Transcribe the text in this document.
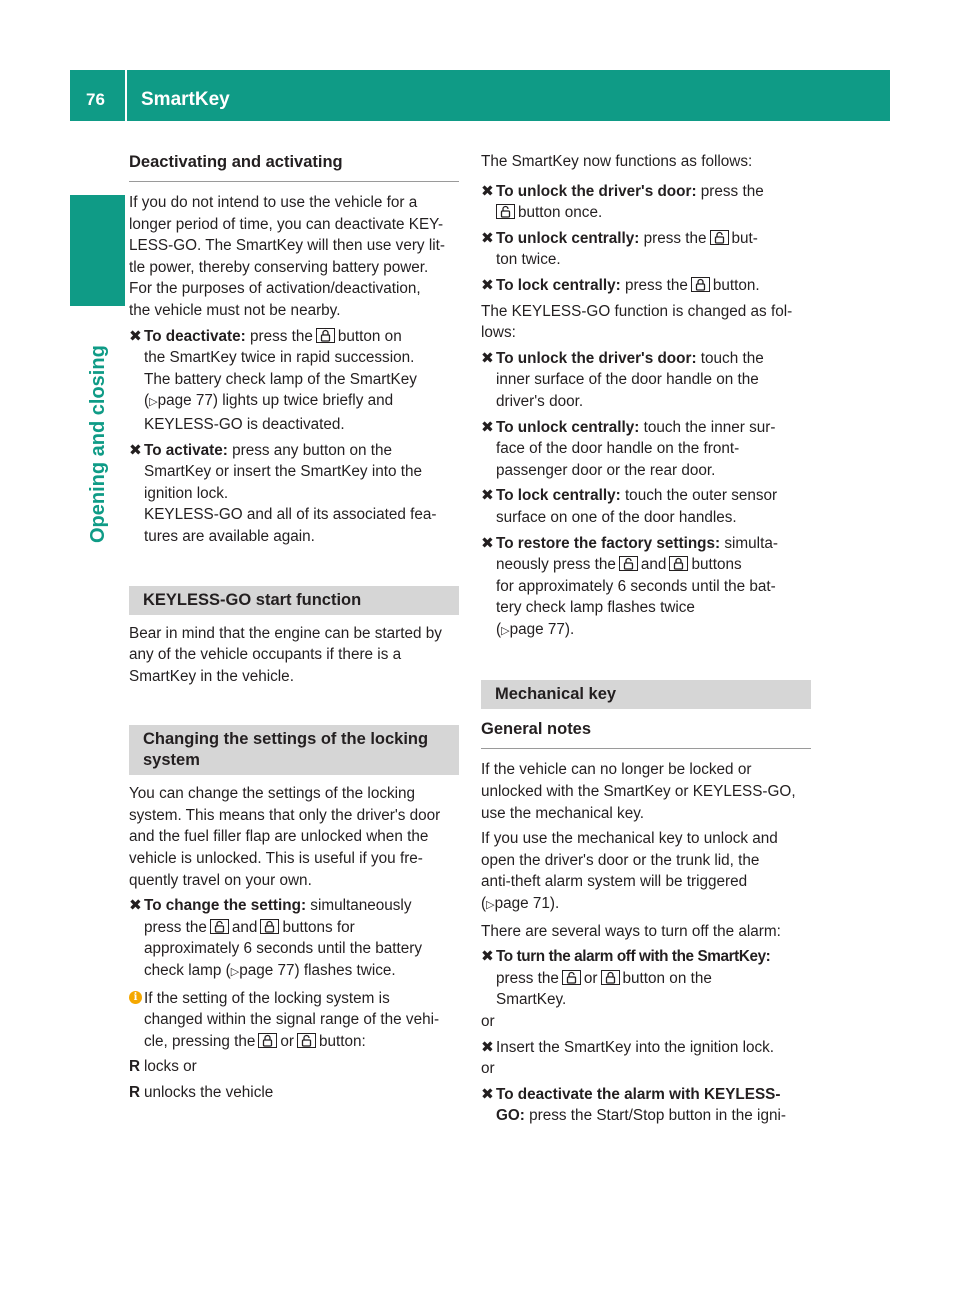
76 SmartKey
Opening and closing
Deactivating and activating

If you do not intend to use the vehicle for a
longer period of time, you can deactivate KEY-
LESS-GO. The SmartKey will then use very lit-
tle power, thereby conserving battery power.
For the purposes of activation/deactivation,
the vehicle must not be nearby.

✖︎ To deactivate: press the button on
the SmartKey twice in rapid succession.
The battery check lamp of the SmartKey
(▷page 77) lights up twice briefly and
KEYLESS-GO is deactivated.
✖︎ To activate: press any button on the
SmartKey or insert the SmartKey into the
ignition lock.
KEYLESS-GO and all of its associated fea-
tures are available again.
KEYLESS-GO start function

Bear in mind that the engine can be started by
any of the vehicle occupants if there is a
SmartKey in the vehicle.

Changing the settings of the locking
system

You can change the settings of the locking
system. This means that only the driver's door
and the fuel filler flap are unlocked when the
vehicle is unlocked. This is useful if you fre-
quently travel on your own.

✖︎ To change the setting: simultaneously
press the and buttons for
approximately 6 seconds until the battery
check lamp (▷page 77) flashes twice.
i If the setting of the locking system is
changed within the signal range of the vehi-
cle, pressing the or button:
R locks or
R unlocks the vehicle

The SmartKey now functions as follows:

✖︎ To unlock the driver's door: press the

button once.
✖︎ To unlock centrally: press the but-
ton twice.
✖︎ To lock centrally: press the button.

The KEYLESS-GO function is changed as fol-
lows:

✖︎ To unlock the driver's door: touch the
inner surface of the door handle on the
driver's door.
✖︎ To unlock centrally: touch the inner sur-
face of the door handle on the front-
passenger door or the rear door.
✖︎ To lock centrally: touch the outer sensor
surface on one of the door handles.
✖︎ To restore the factory settings: simulta-
neously press the and buttons
for approximately 6 seconds until the bat-
tery check lamp flashes twice
(▷page 77).
Mechanical key
General notes

If the vehicle can no longer be locked or
unlocked with the SmartKey or KEYLESS-GO,
use the mechanical key.

If you use the mechanical key to unlock and
open the driver's door or the trunk lid, the
anti-theft alarm system will be triggered
(▷page 71).

There are several ways to turn off the alarm:

✖︎ To turn the alarm off with the SmartKey:
press the or button on the
SmartKey.

or

✖︎ Insert the SmartKey into the ignition lock.

or

✖︎ To deactivate the alarm with KEYLESS-
GO: press the Start/Stop button in the igni-
